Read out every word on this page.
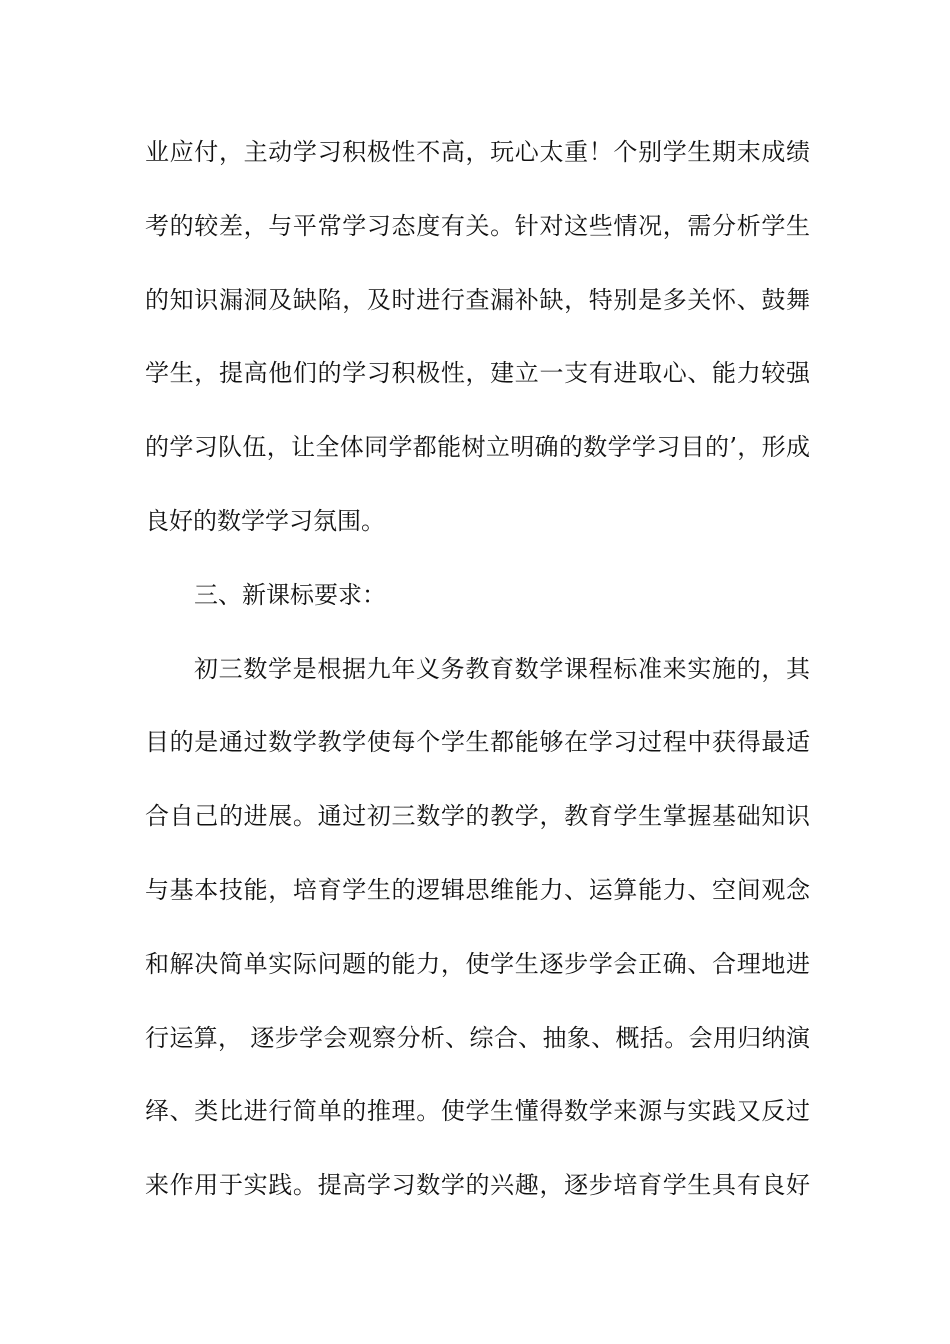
业应付，主动学习积极性不高，玩心太重！个别学生期末成绩
考的较差，与平常学习态度有关。针对这些情况，需分析学生
的知识漏洞及缺陷，及时进行查漏补缺，特别是多关怀、鼓舞
学生，提高他们的学习积极性，建立一支有进取心、能力较强
的学习队伍，让全体同学都能树立明确的数学学习目的’，形成
良好的数学学习氛围。
三、新课标要求：
初三数学是根据九年义务教育数学课程标准来实施的，其
目的是通过数学教学使每个学生都能够在学习过程中获得最适
合自己的进展。通过初三数学的教学，教育学生掌握基础知识
与基本技能，培育学生的逻辑思维能力、运算能力、空间观念
和解决简单实际问题的能力，使学生逐步学会正确、合理地进
行运算， 逐步学会观察分析、综合、抽象、概括。会用归纳演
绎、类比进行简单的推理。使学生懂得数学来源与实践又反过
来作用于实践。提高学习数学的兴趣，逐步培育学生具有良好
